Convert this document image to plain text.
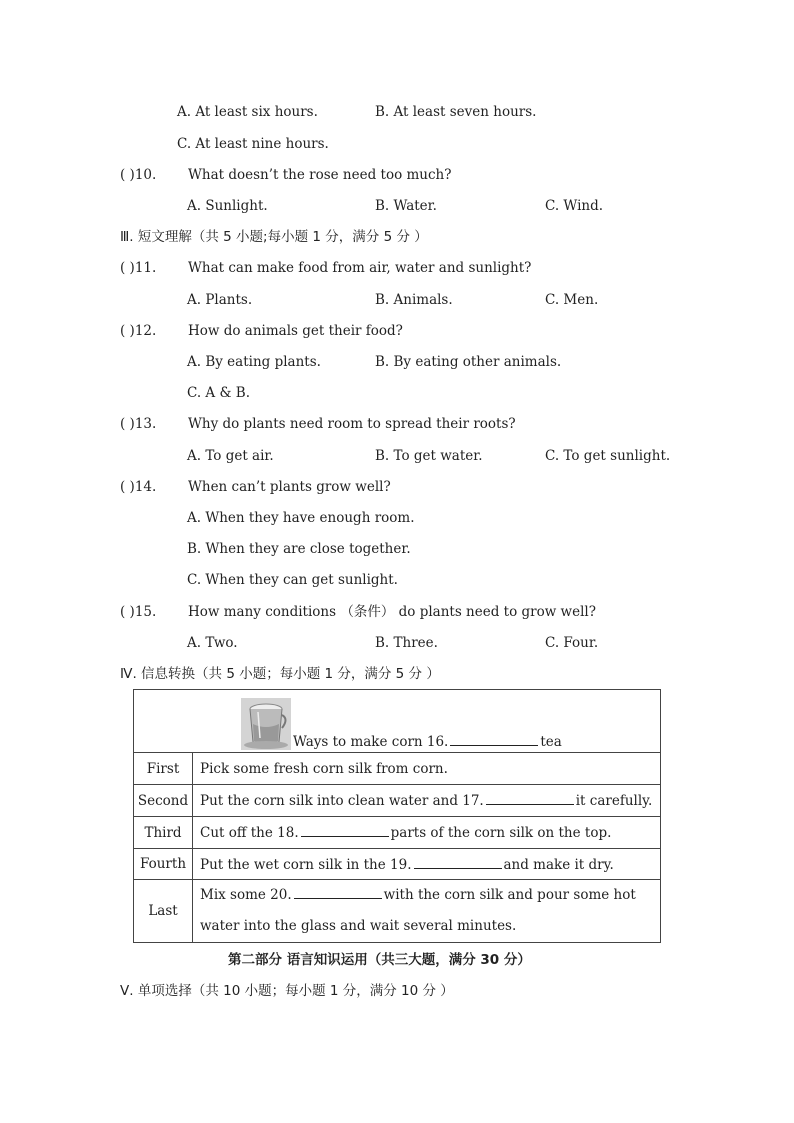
A. At least six hours.	B. At least seven hours.
C. At least nine hours.
( )10. What doesn’t the rose need too much?
A. Sunlight.	B. Water.	C. Wind.
Ⅲ. 短文理解（共 5 小题;每小题 1 分，满分 5 分 ）
( )11. What can make food from air, water and sunlight?
A. Plants.	B. Animals.	C. Men.
( )12. How do animals get their food?
A. By eating plants.	B. By eating other animals.
C. A & B.
( )13. Why do plants need room to spread their roots?
A. To get air.	B. To get water.	C. To get sunlight.
( )14. When can’t plants grow well?
A. When they have enough room.
B. When they are close together.
C. When they can get sunlight.
( )15. How many conditions （条件） do plants need to grow well?
A. Two.	B. Three.	C. Four.
Ⅳ. 信息转换（共 5 小题；每小题 1 分，满分 5 分 ）
Ways to make corn 16. tea	
First	Pick some fresh corn silk from corn.
Second	Put the corn silk into clean water and 17. it carefully.
Third	Cut off the 18. parts of the corn silk on the top.
Fourth	Put the wet corn silk in the 19. and make it dry.
Last	Mix some 20. with the corn silk and pour some hot
water into the glass and wait several minutes.
第二部分 语言知识运用（共三大题，满分 30 分）
Ⅴ. 单项选择（共 10 小题；每小题 1 分，满分 10 分 ）
